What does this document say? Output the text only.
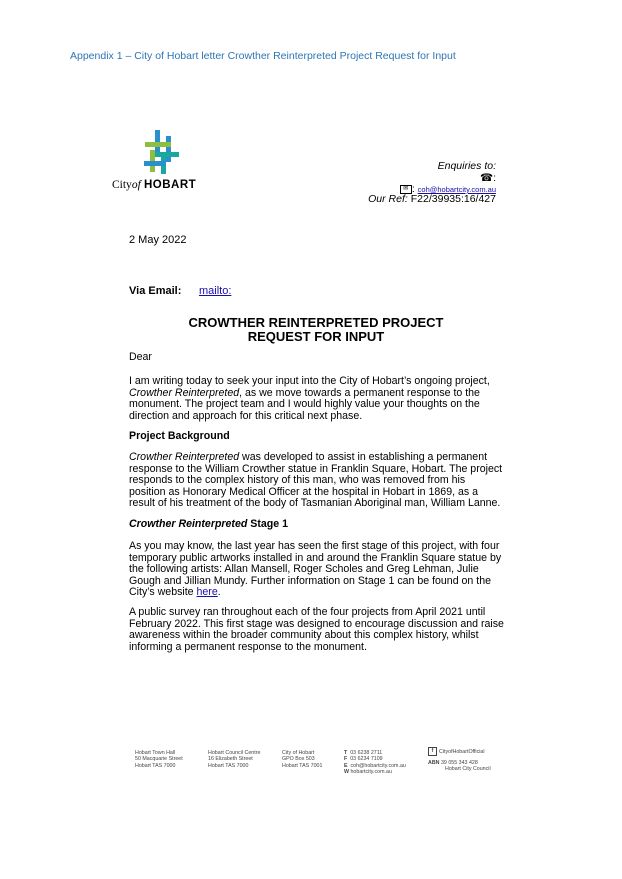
Appendix 1 – City of Hobart letter Crowther Reinterpreted Project Request for Input
Cityof HOBART
Enquiries to:
☎:
✉ : coh@hobartcity.com.au
Our Ref: F22/39935:16/427
2 May 2022
Via Email: mailto:
CROWTHER REINTERPRETED PROJECT
REQUEST FOR INPUT
Dear

I am writing today to seek your input into the City of Hobart’s ongoing project, Crowther Reinterpreted, as we move towards a permanent response to the monument. The project team and I would highly value your thoughts on the direction and approach for this critical next phase.

Project Background

Crowther Reinterpreted was developed to assist in establishing a permanent response to the William Crowther statue in Franklin Square, Hobart. The project responds to the complex history of this man, who was removed from his position as Honorary Medical Officer at the hospital in Hobart in 1869, as a result of his treatment of the body of Tasmanian Aboriginal man, William Lanne.

Crowther Reinterpreted Stage 1

As you may know, the last year has seen the first stage of this project, with four temporary public artworks installed in and around the Franklin Square statue by the following artists: Allan Mansell, Roger Scholes and Greg Lehman, Julie Gough and Jillian Mundy. Further information on Stage 1 can be found on the City’s website here.

A public survey ran throughout each of the four projects from April 2021 until February 2022. This first stage was designed to encourage discussion and raise awareness within the broader community about this complex history, whilst informing a permanent response to the monument.
Hobart Town Hall
50 Macquarie Street
Hobart TAS 7000
Hobart Council Centre
16 Elizabeth Street
Hobart TAS 7000
City of Hobart
GPO Box 503
Hobart TAS 7001
T 03 6238 2711
F 03 6234 7109
E coh@hobartcity.com.au
W hobartcity.com.au
f CityofHobartOfficial
ABN 39 055 343 428
Hobart City Council
